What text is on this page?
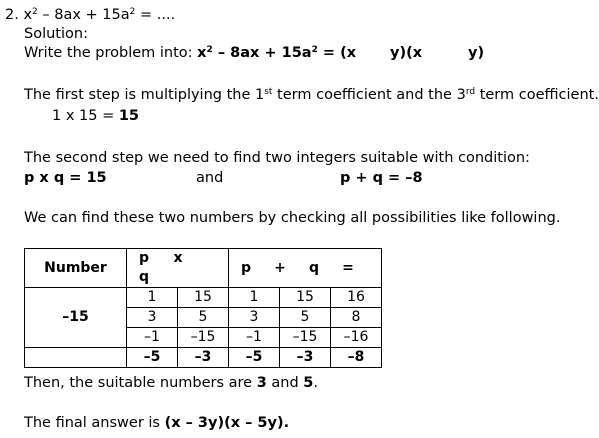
2. $x^2 - 8ax + 15a^2$ = ....
Solution:
Write the problem into: $x^2 - 8ax + 15a^2 = (x$ y)(x	y)
The first step is multiplying the 1st term coefficient and the 3rd term coefficient.
1 x 15 = 15
The second step we need to find two integers suitable with condition:
p x q = 15	and	p + q = –8
We can find these two numbers by checking all possibilities like following.
Number	p xq		p + q =		
–15	1	15	1	15	16
	3	5	3	5	8
	–1	–15	–1	–15	–16
	–5	–3	–5	–3	–8
Then, the suitable numbers are 3 and 5.
The final answer is (x – 3y)(x – 5y).
